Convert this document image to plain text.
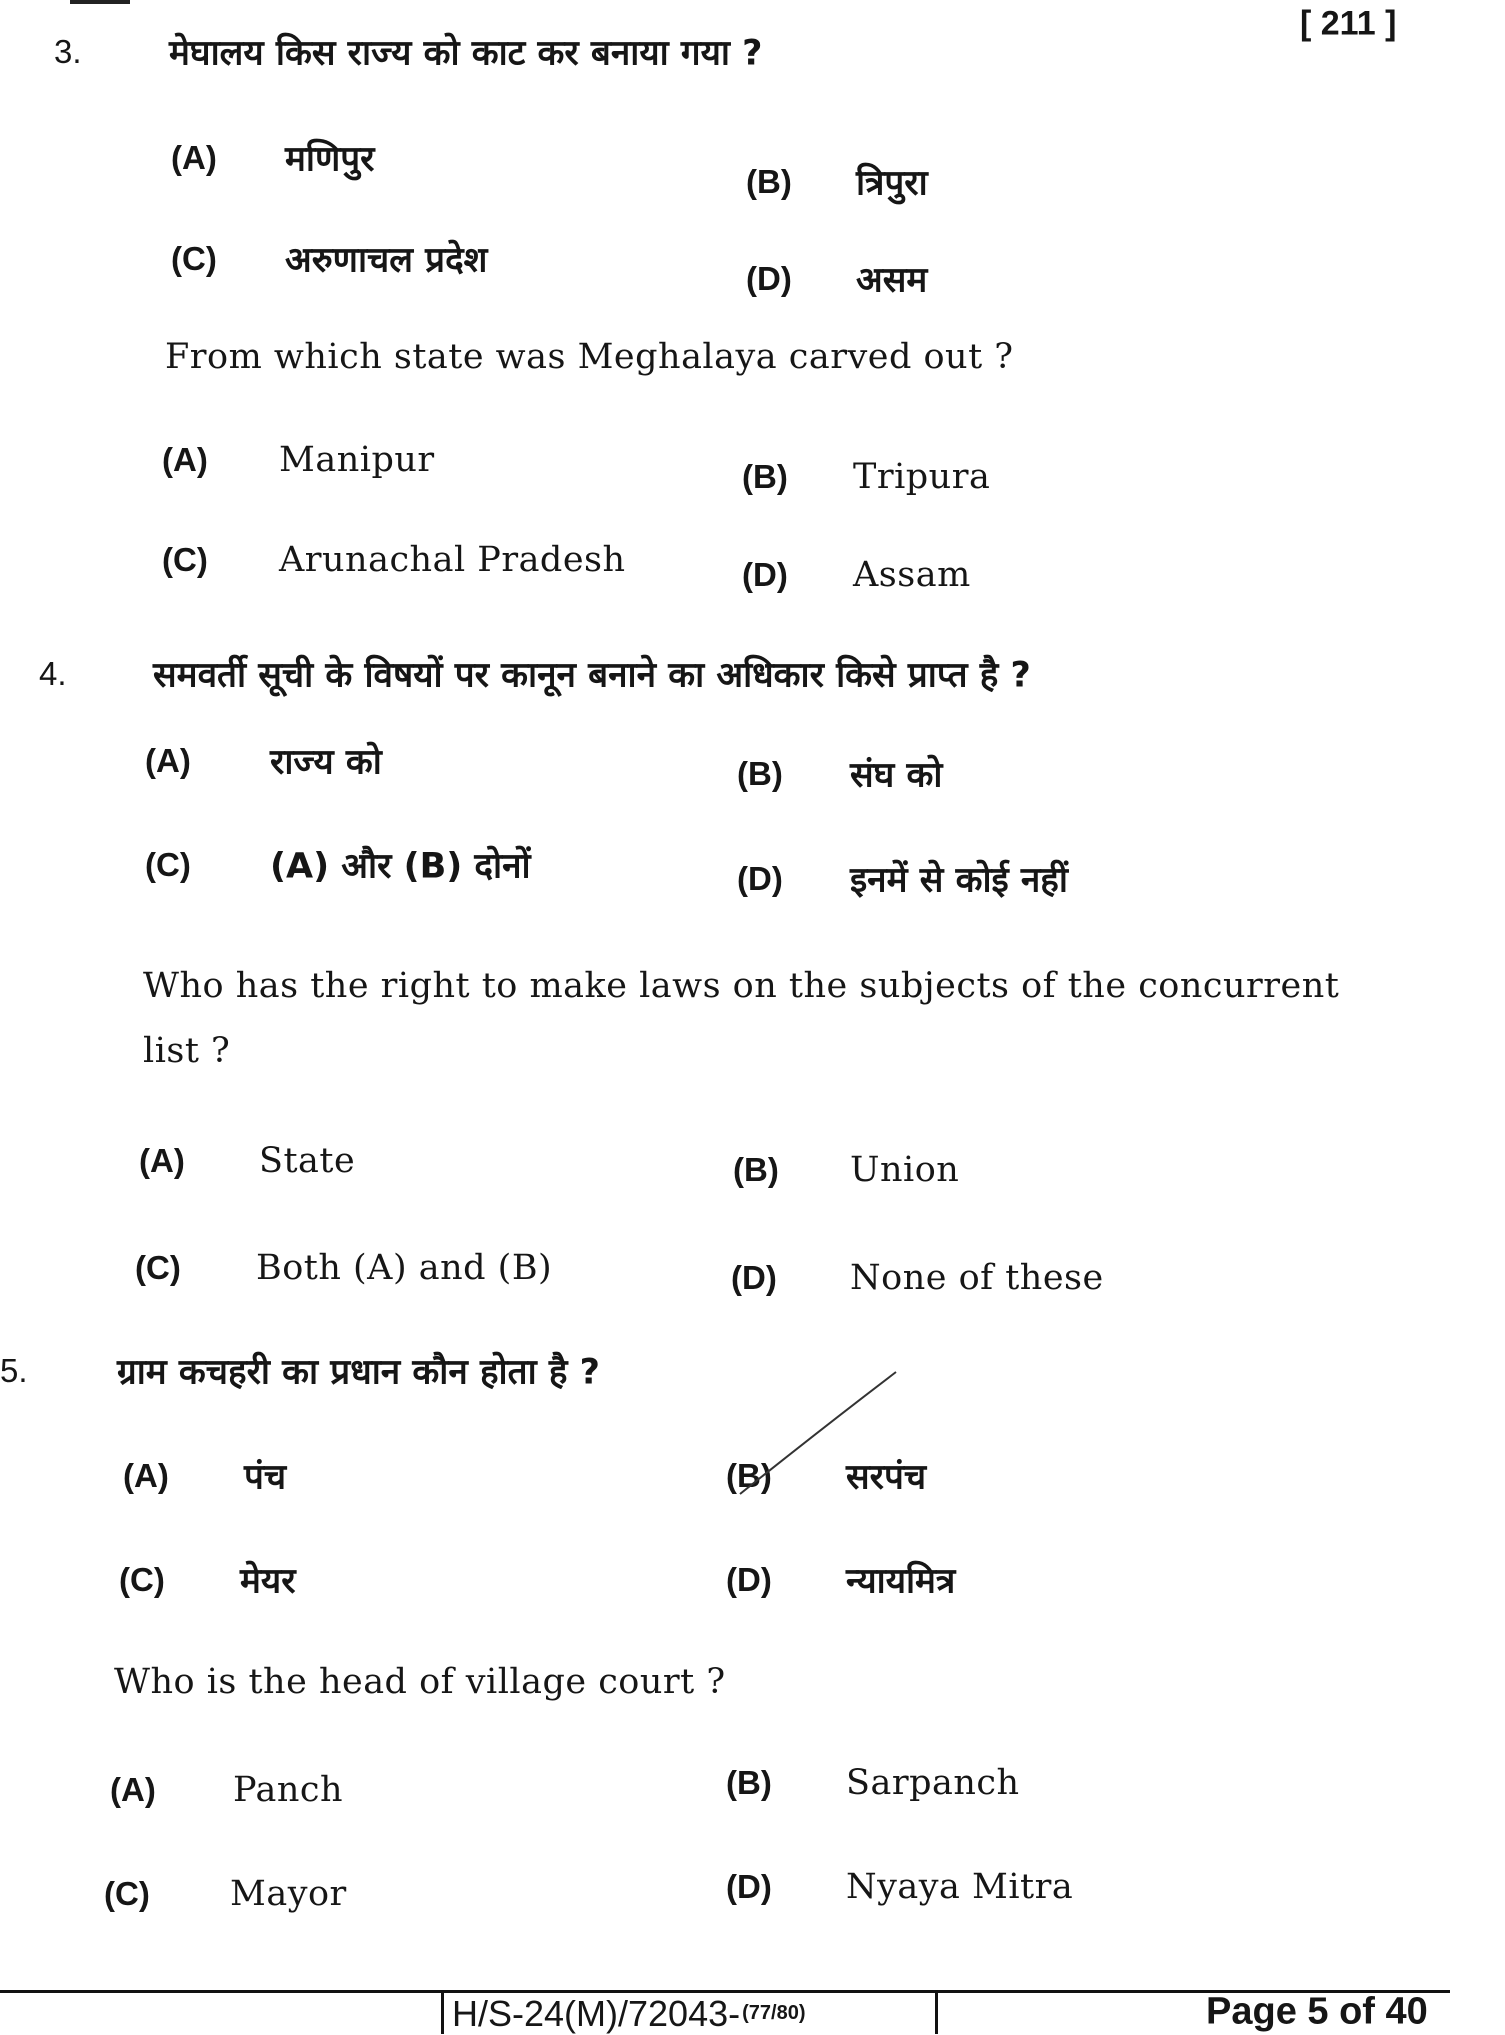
[ 211 ]
3. मेघालय किस राज्य को काट कर बनाया गया ?
(A) मणिपुर
(B) त्रिपुरा
(C) अरुणाचल प्रदेश	(D) असम
From which state was Meghalaya carved out ?
(A) Manipur	(B) Tripura
(C) Arunachal Pradesh	(D) Assam
4. समवर्ती सूची के विषयों पर कानून बनाने का अधिकार किसे प्राप्त है ?
(A) राज्य को	(B) संघ को
(C) (A) और (B) दोनों	(D) इनमें से कोई नहीं
Who has the right to make laws on the subjects of the concurrent
list ?
(A) State	(B) Union
(C) Both (A) and (B)	(D) None of these
5.	ग्राम कचहरी का प्रधान कौन होता है ?
(A) पंच	(B) सरपंच
(C) मेयर	(D) न्यायमित्र
Who is the head of village court ?
(A) Panch	(B) Sarpanch
(C) Mayor	(D) Nyaya Mitra
H/S-24(M)/72043- (77/80)	Page 5 of 40
